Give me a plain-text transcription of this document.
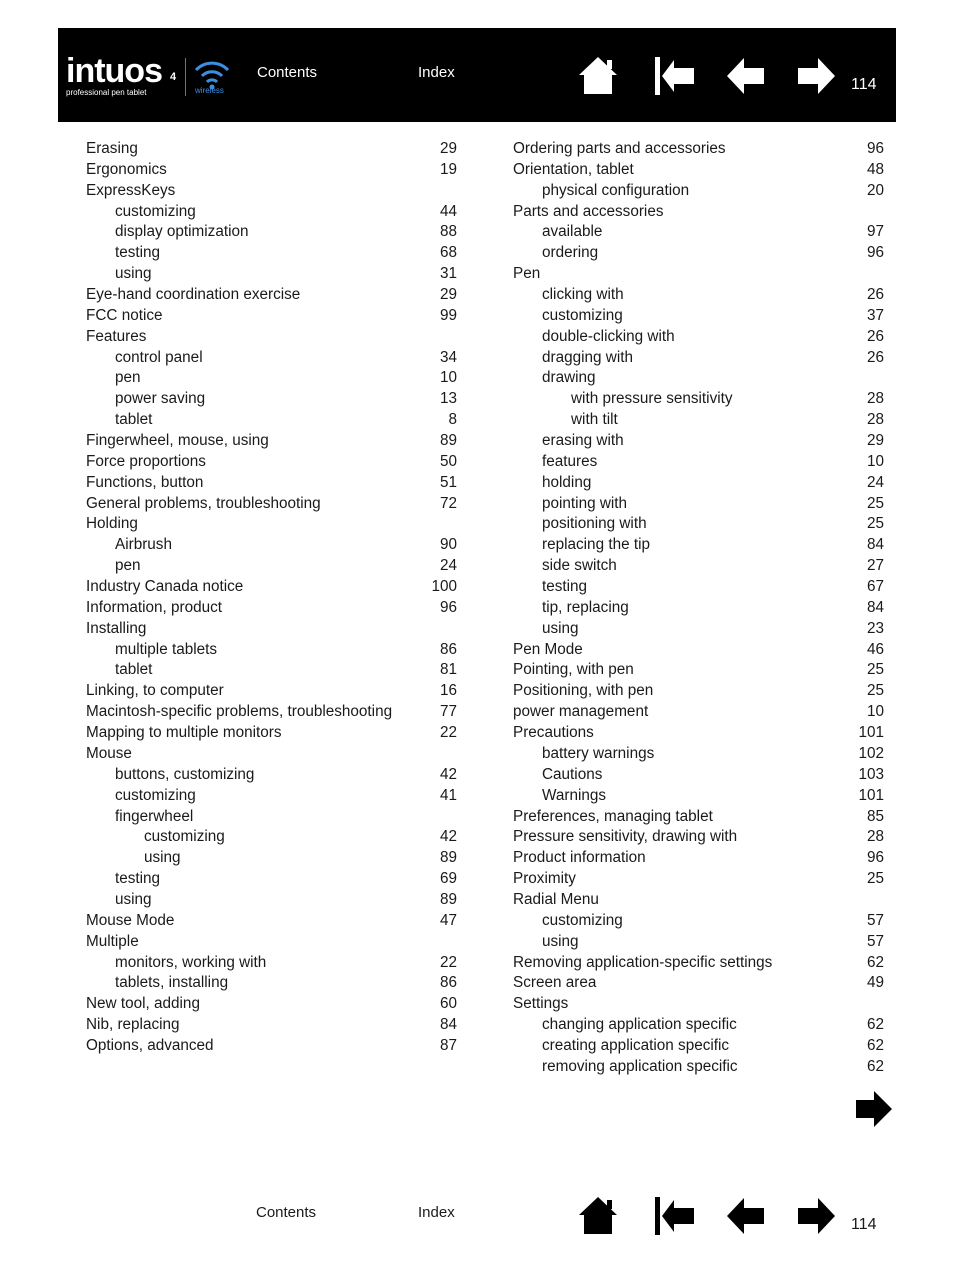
intuos 4
professional pen tablet	wireless
Contents	Index
114
Erasing	29
Ergonomics	19
ExpressKeys
customizing	44
display optimization	88
testing	68
using	31
Eye-hand coordination exercise	29
FCC notice	99
Features
control panel	34
pen	10
power saving	13
tablet	8
Fingerwheel, mouse, using	89
Force proportions	50
Functions, button	51
General problems, troubleshooting	72
Holding
Airbrush	90
pen	24
Industry Canada notice	100
Information, product	96
Installing
multiple tablets	86
tablet	81
Linking, to computer	16
Macintosh-specific problems, troubleshooting	77
Mapping to multiple monitors	22
Mouse
buttons, customizing	42
customizing	41
fingerwheel
customizing	42
using	89
testing	69
using	89
Mouse Mode	47
Multiple
monitors, working with	22
tablets, installing	86
New tool, adding	60
Nib, replacing	84
Options, advanced	87
Ordering parts and accessories	96
Orientation, tablet	48
physical configuration	20
Parts and accessories
available	97
ordering	96
Pen
clicking with	26
customizing	37
double-clicking with	26
dragging with	26
drawing
with pressure sensitivity	28
with tilt	28
erasing with	29
features	10
holding	24
pointing with	25
positioning with	25
replacing the tip	84
side switch	27
testing	67
tip, replacing	84
using	23
Pen Mode	46
Pointing, with pen	25
Positioning, with pen	25
power management	10
Precautions	101
battery warnings	102
Cautions	103
Warnings	101
Preferences, managing tablet	85
Pressure sensitivity, drawing with	28
Product information	96
Proximity	25
Radial Menu
customizing	57
using	57
Removing application-specific settings	62
Screen area	49
Settings
changing application specific	62
creating application specific	62
removing application specific	62
Contents	Index
114
